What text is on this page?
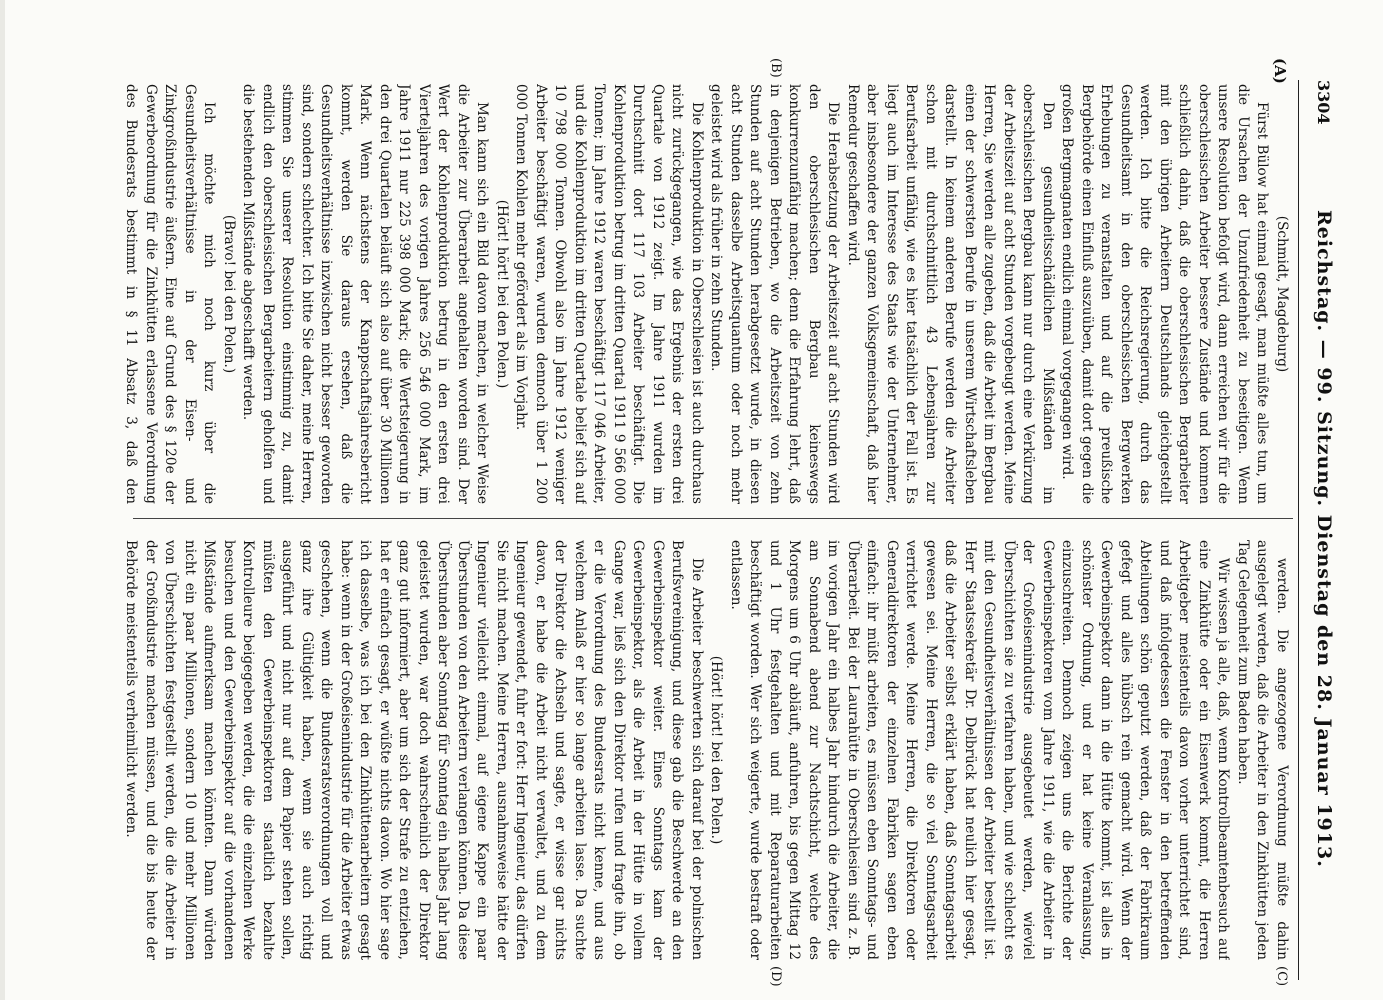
3304
Reichstag. — 99. Sitzung. Dienstag den 28. Januar 1913.
(A)
(B)
(C)
(D)

(Schmidt, Magdeburg)

Fürst Bülow hat einmal gesagt, man müßte alles tun, um die Ursachen der Unzufriedenheit zu beseitigen. Wenn unsere Resolution befolgt wird, dann erreichen wir für die oberschlesischen Arbeiter bessere Zustände und kommen schließlich dahin, daß die oberschlesischen Bergarbeiter mit den übrigen Arbeitern Deutschlands gleichgestellt werden. Ich bitte die Reichsregierung, durch das Gesundheitsamt in den oberschlesischen Bergwerken Erhebungen zu veranstalten und auf die preußische Bergbehörde einen Einfluß auszuüben, damit dort gegen die großen Bergmagnaten endlich einmal vorgegangen wird.

Den gesundheitsschädlichen Mißständen im oberschlesischen Bergbau kann nur durch eine Verkürzung der Arbeitszeit auf acht Stunden vorgebeugt werden. Meine Herren, Sie werden alle zugeben, daß die Arbeit im Bergbau einen der schwersten Berufe in unserem Wirtschaftsleben darstellt. In keinem anderen Berufe werden die Arbeiter schon mit durchschnittlich 43 Lebensjahren zur Berufsarbeit unfähig, wie es hier tatsächlich der Fall ist. Es liegt auch im Interesse des Staats wie der Unternehmer, aber insbesondere der ganzen Volksgemeinschaft, daß hier Remedur geschaffen wird.

Die Herabsetzung der Arbeitszeit auf acht Stunden wird den oberschlesischen Bergbau keineswegs konkurrenzunfähig machen; denn die Erfahrung lehrt, daß in denjenigen Betrieben, wo die Arbeitszeit von zehn Stunden auf acht Stunden herabgesetzt wurde, in diesen acht Stunden dasselbe Arbeitsquantum oder noch mehr geleistet wird als früher in zehn Stunden.

Die Kohlenproduktion in Oberschlesien ist auch durchaus nicht zurückgegangen, wie das Ergebnis der ersten drei Quartale von 1912 zeigt. Im Jahre 1911 wurden im Durchschnitt dort 117 103 Arbeiter beschäftigt. Die Kohlenproduktion betrug im dritten Quartal 1911 9 566 000 Tonnen; im Jahre 1912 waren beschäftigt 117 046 Arbeiter, und die Kohlenproduktion im dritten Quartale belief sich auf 10 798 000 Tonnen. Obwohl also im Jahre 1912 weniger Arbeiter beschäftigt waren, wurden dennoch über 1 200 000 Tonnen Kohlen mehr gefördert als im Vorjahr.

(Hört! hört! bei den Polen.)

Man kann sich ein Bild davon machen, in welcher Weise die Arbeiter zur Überarbeit angehalten worden sind. Der Wert der Kohlenproduktion betrug in den ersten drei Vierteljahren des vorigen Jahres 256 546 000 Mark, im Jahre 1911 nur 225 398 000 Mark; die Wertsteigerung in den drei Quartalen beläuft sich also auf über 30 Millionen Mark. Wenn nächstens der Knappschaftsjahresbericht kommt, werden Sie daraus ersehen, daß die Gesundheitsverhältnisse inzwischen nicht besser geworden sind, sondern schlechter. Ich bitte Sie daher, meine Herren, stimmen Sie unserer Resolution einstimmig zu, damit endlich den oberschlesischen Bergarbeitern geholfen und die bestehenden Mißstände abgeschafft werden.

(Bravo! bei den Polen.)

Ich möchte mich noch kurz über die Gesundheitsverhältnisse in der Eisen- und Zinkgroßindustrie äußern. Eine auf Grund des § 120e der Gewerbeordnung für die Zinkhütten erlassene Verordnung des Bundesrats bestimmt in § 11 Absatz 3, daß den

werden. Die angezogene Verordnung müßte dahin ausgelegt werden, daß die Arbeiter in den Zinkhütten jeden Tag Gelegenheit zum Baden haben.

Wir wissen ja alle, daß, wenn Kontrollbeamtenbesuch auf eine Zinkhütte oder ein Eisenwerk kommt, die Herren Arbeitgeber meistenteils davon vorher unterrichtet sind, und daß infolgedessen die Fenster in den betreffenden Abteilungen schön geputzt werden, daß der Fabrikraum gefegt und alles hübsch rein gemacht wird. Wenn der Gewerbeinspektor dann in die Hütte kommt, ist alles in schönster Ordnung, und er hat keine Veranlassung, einzuschreiten. Dennoch zeigen uns die Berichte der Gewerbeinspektoren vom Jahre 1911, wie die Arbeiter in der Großeisenindustrie ausgebeutet werden, wieviel Überschichten sie zu verfahren haben, und wie schlecht es mit den Gesundheitsverhältnissen der Arbeiter bestellt ist. Herr Staatssekretär Dr. Delbrück hat neulich hier gesagt, daß die Arbeiter selbst erklärt haben, daß Sonntagsarbeit gewesen sei. Meine Herren, die so viel Sonntagsarbeit verrichtet werde. Meine Herren, die Direktoren oder Generaldirektoren der einzelnen Fabriken sagen eben einfach: ihr müßt arbeiten, es müssen eben Sonntags- und Überarbeit. Bei der Laurahütte in Oberschlesien sind z. B. im vorigen Jahr ein halbes Jahr hindurch die Arbeiter, die am Sonnabend abend zur Nachtschicht, welche des Morgens um 6 Uhr abläuft, anfuhren, bis gegen Mittag 12 und 1 Uhr festgehalten und mit Reparaturarbeiten beschäftigt worden. Wer sich weigerte, wurde bestraft oder entlassen.

(Hört! hört! bei den Polen.)

Die Arbeiter beschwerten sich darauf bei der polnischen Berufsvereinigung, und diese gab die Beschwerde an den Gewerbeinspektor weiter. Eines Sonntags kam der Gewerbeinspektor, als die Arbeit in der Hütte in vollem Gange war, ließ sich den Direktor rufen und fragte ihn, ob er die Verordnung des Bundesrats nicht kenne, und aus welchem Anlaß er hier so lange arbeiten lasse. Da suchte der Direktor die Achseln und sagte, er wisse gar nichts davon, er habe die Arbeit nicht verwaltet, und zu dem Ingenieur gewendet, fuhr er fort: Herr Ingenieur, das dürfen Sie nicht machen. Meine Herren, ausnahmsweise hätte der Ingenieur vielleicht einmal, auf eigene Kappe ein paar Überstunden von den Arbeitern verlangen können. Da diese Überstunden aber Sonntag für Sonntag ein halbes Jahr lang geleistet wurden, war doch wahrscheinlich der Direktor ganz gut informiert, aber um sich der Strafe zu entziehen, hat er einfach gesagt, er wüßte nichts davon. Wo hier sage ich dasselbe, was ich bei den Zinkhüttenarbeitern gesagt habe: wenn in der Großeisenindustrie für die Arbeiter etwas geschehen, wenn die Bundesratsverordnungen voll und ganz ihre Gültigkeit haben, wenn sie auch richtig ausgeführt und nicht nur auf dem Papier stehen sollen, müßten den Gewerbeinspektoren staatlich bezahlte Kontrolleure beigegeben werden, die die einzelnen Werke besuchen und den Gewerbeinspektor auf die vorhandenen Mißstände aufmerksam machen könnten. Dann würden nicht ein paar Millionen, sondern 10 und mehr Millionen von Überschichten festgestellt werden, die die Arbeiter in der Großindustrie machen müssen, und die bis heute der Behörde meistenteils verheimlicht werden.
